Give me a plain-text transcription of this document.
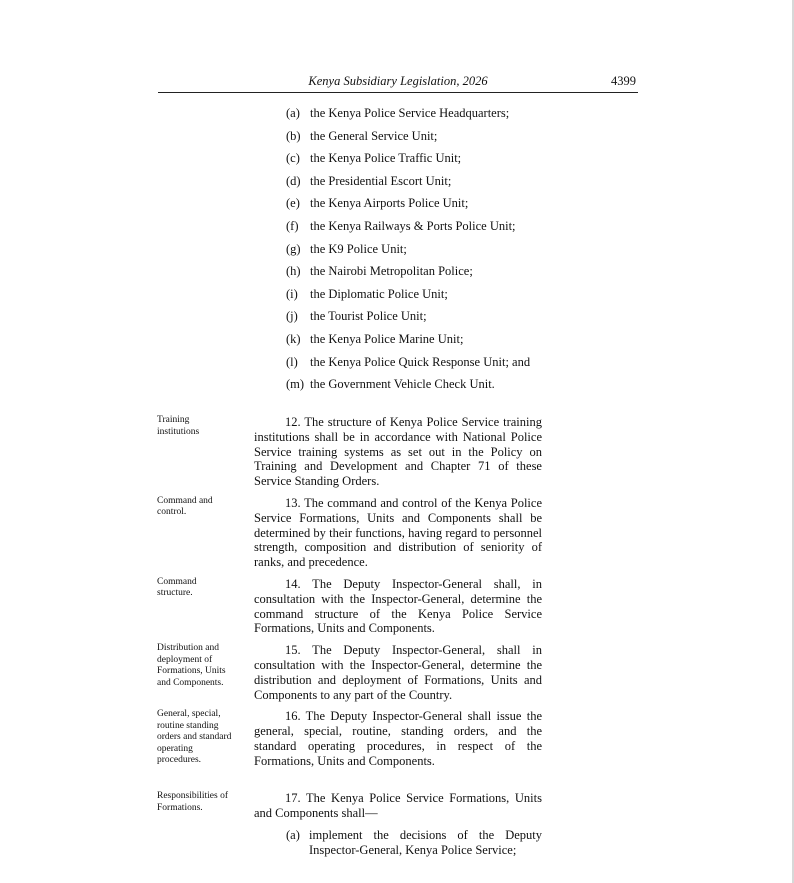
Kenya Subsidiary Legislation, 2026	4399
(a) the Kenya Police Service Headquarters;
(b) the General Service Unit;
(c) the Kenya Police Traffic Unit;
(d) the Presidential Escort Unit;
(e) the Kenya Airports Police Unit;
(f) the Kenya Railways & Ports Police Unit;
(g) the K9 Police Unit;
(h) the Nairobi Metropolitan Police;
(i) the Diplomatic Police Unit;
(j) the Tourist Police Unit;
(k) the Kenya Police Marine Unit;
(l) the Kenya Police Quick Response Unit; and
(m) the Government Vehicle Check Unit.
Training institutions
12. The structure of Kenya Police Service training institutions shall be in accordance with National Police Service training systems as set out in the Policy on Training and Development and Chapter 71 of these Service Standing Orders.
Command and control.
13. The command and control of the Kenya Police Service Formations, Units and Components shall be determined by their functions, having regard to personnel strength, composition and distribution of seniority of ranks, and precedence.
Command structure.
14. The Deputy Inspector-General shall, in consultation with the Inspector-General, determine the command structure of the Kenya Police Service Formations, Units and Components.
Distribution and deployment of Formations, Units and Components.
15. The Deputy Inspector-General, shall in consultation with the Inspector-General, determine the distribution and deployment of Formations, Units and Components to any part of the Country.
General, special, routine standing orders and standard operating procedures.
16. The Deputy Inspector-General shall issue the general, special, routine, standing orders, and the standard operating procedures, in respect of the Formations, Units and Components.
Responsibilities of Formations.
17. The Kenya Police Service Formations, Units and Components shall—
(a) implement the decisions of the Deputy Inspector-General, Kenya Police Service;
